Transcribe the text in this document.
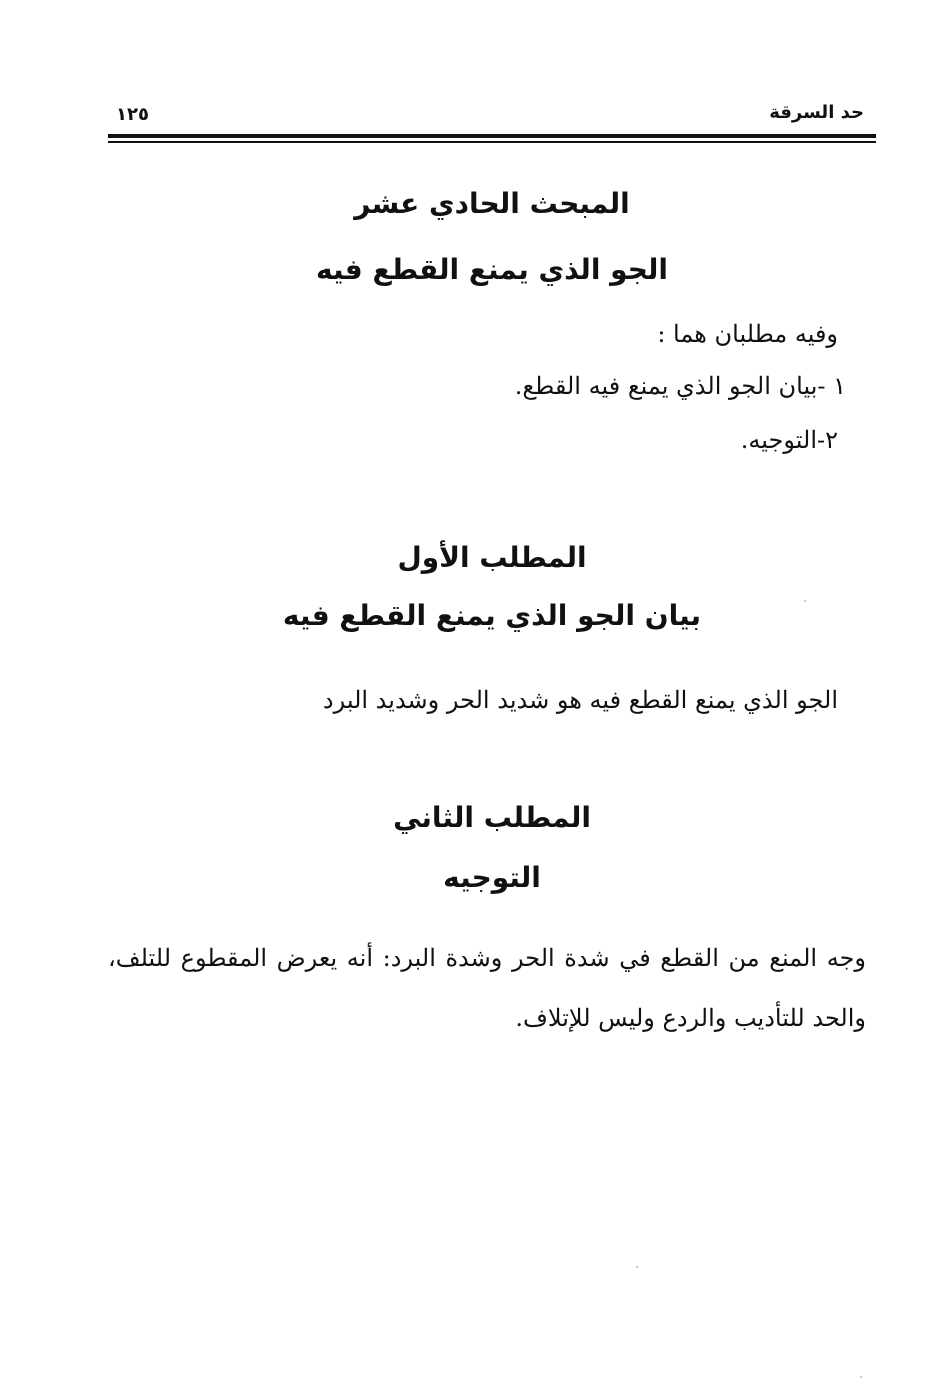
حد السرقة
١٢٥
المبحث الحادي عشر
الجو الذي يمنع القطع فيه
وفيه مطلبان هما :
١ -بيان الجو الذي يمنع فيه القطع.
٢-التوجيه.
المطلب الأول
بيان الجو الذي يمنع القطع فيه
الجو الذي يمنع القطع فيه هو شديد الحر وشديد البرد
المطلب الثاني
التوجيه
وجه المنع من القطع في شدة الحر وشدة البرد: أنه يعرض المقطوع للتلف، والحد للتأديب والردع وليس للإتلاف.
